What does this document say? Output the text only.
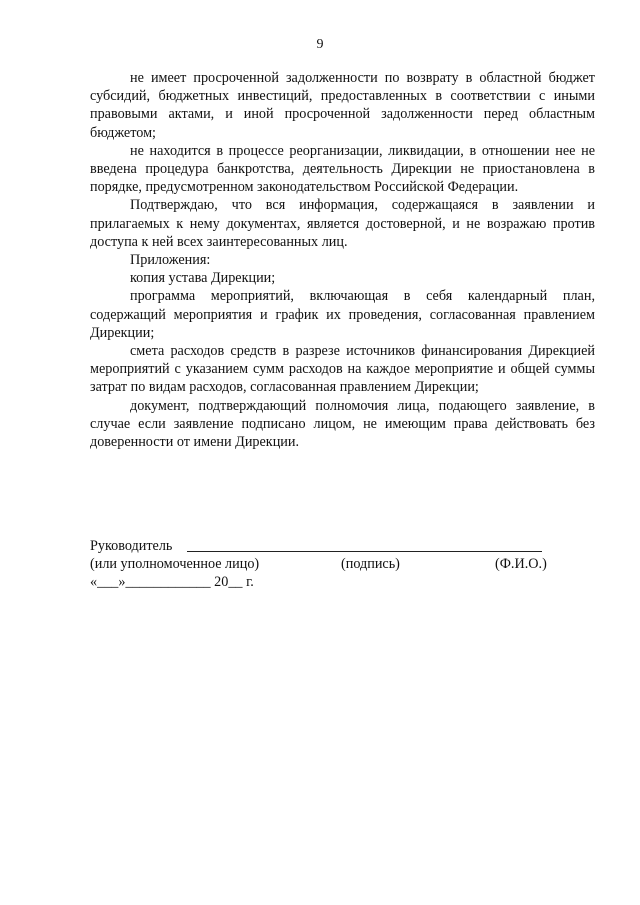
9

не имеет просроченной задолженности по возврату в областной бюджет субсидий, бюджетных инвестиций, предоставленных в соответствии с иными правовыми актами, и иной просроченной задолженности перед областным бюджетом;

не находится в процессе реорганизации, ликвидации, в отношении нее не введена процедура банкротства, деятельность Дирекции не приостановлена в порядке, предусмотренном законодательством Российской Федерации.

Подтверждаю, что вся информация, содержащаяся в заявлении и прилагаемых к нему документах, является достоверной, и не возражаю против доступа к ней всех заинтересованных лиц.

Приложения:

копия устава Дирекции;

программа мероприятий, включающая в себя календарный план, содержащий мероприятия и график их проведения, согласованная правлением Дирекции;

смета расходов средств в разрезе источников финансирования Дирекцией мероприятий с указанием сумм расходов на каждое мероприятие и общей суммы затрат по видам расходов, согласованная правлением Дирекции;

документ, подтверждающий полномочия лица, подающего заявление, в случае если заявление подписано лицом, не имеющим права действовать без доверенности от имени Дирекции.

Руководитель
(или уполномоченное лицо)	(подпись)	(Ф.И.О.)
«___»____________ 20__ г.
